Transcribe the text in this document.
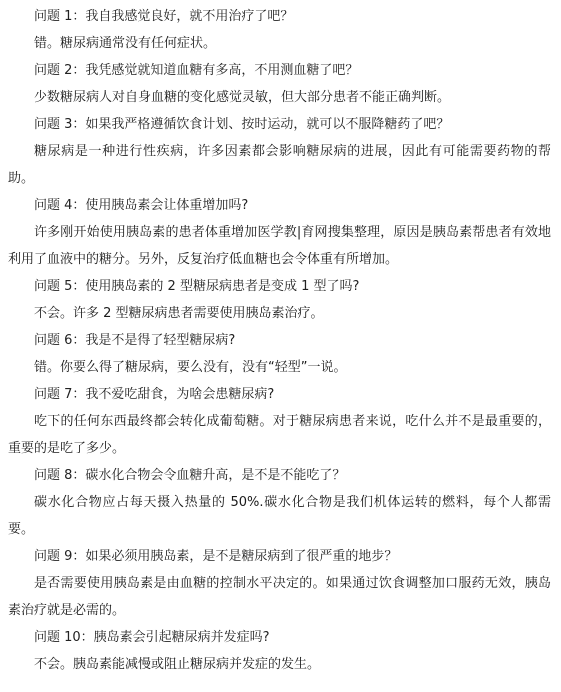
问题 1：我自我感觉良好，就不用治疗了吧？

错。糖尿病通常没有任何症状。

问题 2：我凭感觉就知道血糖有多高，不用测血糖了吧？

少数糖尿病人对自身血糖的变化感觉灵敏，但大部分患者不能正确判断。

问题 3：如果我严格遵循饮食计划、按时运动，就可以不服降糖药了吧？

糖尿病是一种进行性疾病，许多因素都会影响糖尿病的进展，因此有可能需要药物的帮助。

问题 4：使用胰岛素会让体重增加吗?

许多刚开始使用胰岛素的患者体重增加医学教|育网搜集整理，原因是胰岛素帮患者有效地利用了血液中的糖分。另外，反复治疗低血糖也会令体重有所增加。

问题 5：使用胰岛素的 2 型糖尿病患者是变成 1 型了吗?

不会。许多 2 型糖尿病患者需要使用胰岛素治疗。

问题 6：我是不是得了轻型糖尿病?

错。你要么得了糖尿病，要么没有，没有“轻型”一说。

问题 7：我不爱吃甜食，为啥会患糖尿病?

吃下的任何东西最终都会转化成葡萄糖。对于糖尿病患者来说，吃什么并不是最重要的，重要的是吃了多少。

问题 8：碳水化合物会令血糖升高，是不是不能吃了？

碳水化合物应占每天摄入热量的 50%.碳水化合物是我们机体运转的燃料，每个人都需要。

问题 9：如果必须用胰岛素，是不是糖尿病到了很严重的地步？

是否需要使用胰岛素是由血糖的控制水平决定的。如果通过饮食调整加口服药无效，胰岛素治疗就是必需的。

问题 10：胰岛素会引起糖尿病并发症吗?

不会。胰岛素能减慢或阻止糖尿病并发症的发生。
